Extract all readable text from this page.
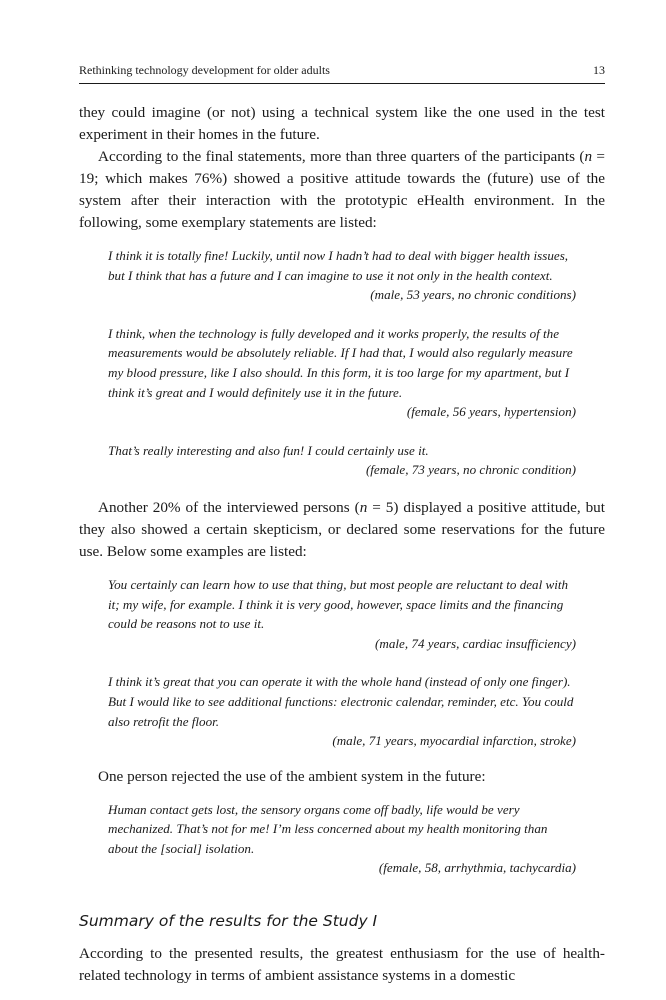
Rethinking technology development for older adults	13

they could imagine (or not) using a technical system like the one used in the test experiment in their homes in the future.

According to the final statements, more than three quarters of the participants (n = 19; which makes 76%) showed a positive attitude towards the (future) use of the system after their interaction with the prototypic eHealth environment. In the following, some exemplary statements are listed:

I think it is totally fine! Luckily, until now I hadn’t had to deal with bigger health issues, but I think that has a future and I can imagine to use it not only in the health context.

(male, 53 years, no chronic conditions)

I think, when the technology is fully developed and it works properly, the results of the measurements would be absolutely reliable. If I had that, I would also regularly measure my blood pressure, like I also should. In this form, it is too large for my apartment, but I think it’s great and I would definitely use it in the future.

(female, 56 years, hypertension)

That’s really interesting and also fun! I could certainly use it.

(female, 73 years, no chronic condition)

Another 20% of the interviewed persons (n = 5) displayed a positive attitude, but they also showed a certain skepticism, or declared some reservations for the future use. Below some examples are listed:

You certainly can learn how to use that thing, but most people are reluctant to deal with it; my wife, for example. I think it is very good, however, space limits and the financing could be reasons not to use it.

(male, 74 years, cardiac insufficiency)

I think it’s great that you can operate it with the whole hand (instead of only one finger). But I would like to see additional functions: electronic calendar, reminder, etc. You could also retrofit the floor.

(male, 71 years, myocardial infarction, stroke)

One person rejected the use of the ambient system in the future:

Human contact gets lost, the sensory organs come off badly, life would be very mechanized. That’s not for me! I’m less concerned about my health monitoring than about the [social] isolation.

(female, 58, arrhythmia, tachycardia)

Summary of the results for the Study I

According to the presented results, the greatest enthusiasm for the use of health-related technology in terms of ambient assistance systems in a domestic
